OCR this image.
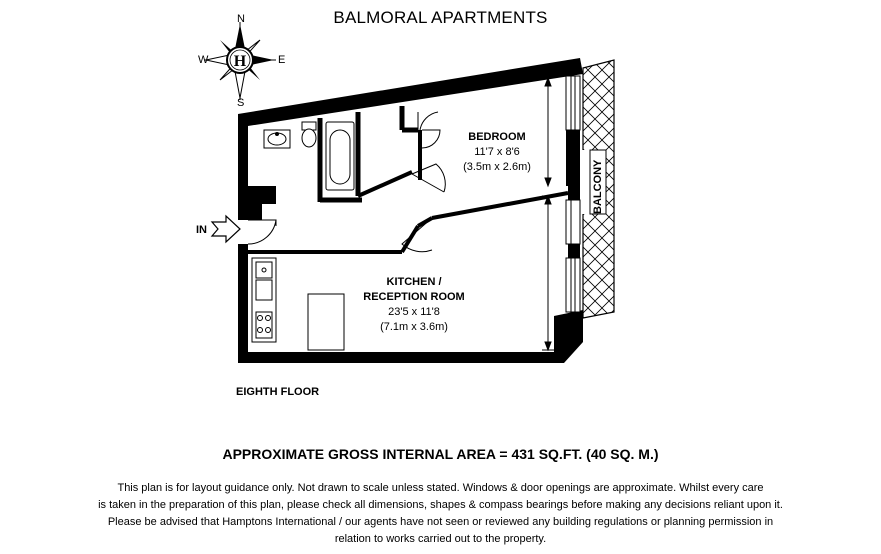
BALMORAL APARTMENTS
H
N
S
W	E
BALCONY
IN
BEDROOM
11'7 x 8'6
(3.5m x 2.6m)
KITCHEN /
RECEPTION ROOM
23'5 x 11'8
(7.1m x 3.6m)
EIGHTH FLOOR
APPROXIMATE GROSS INTERNAL AREA = 431 SQ.FT. (40 SQ. M.)
This plan is for layout guidance only. Not drawn to scale unless stated. Windows & door openings are approximate. Whilst every care
is taken in the preparation of this plan, please check all dimensions, shapes & compass bearings before making any decisions reliant upon it.
Please be advised that Hamptons International / our agents have not seen or reviewed any building regulations or planning permission in
relation to works carried out to the property.
